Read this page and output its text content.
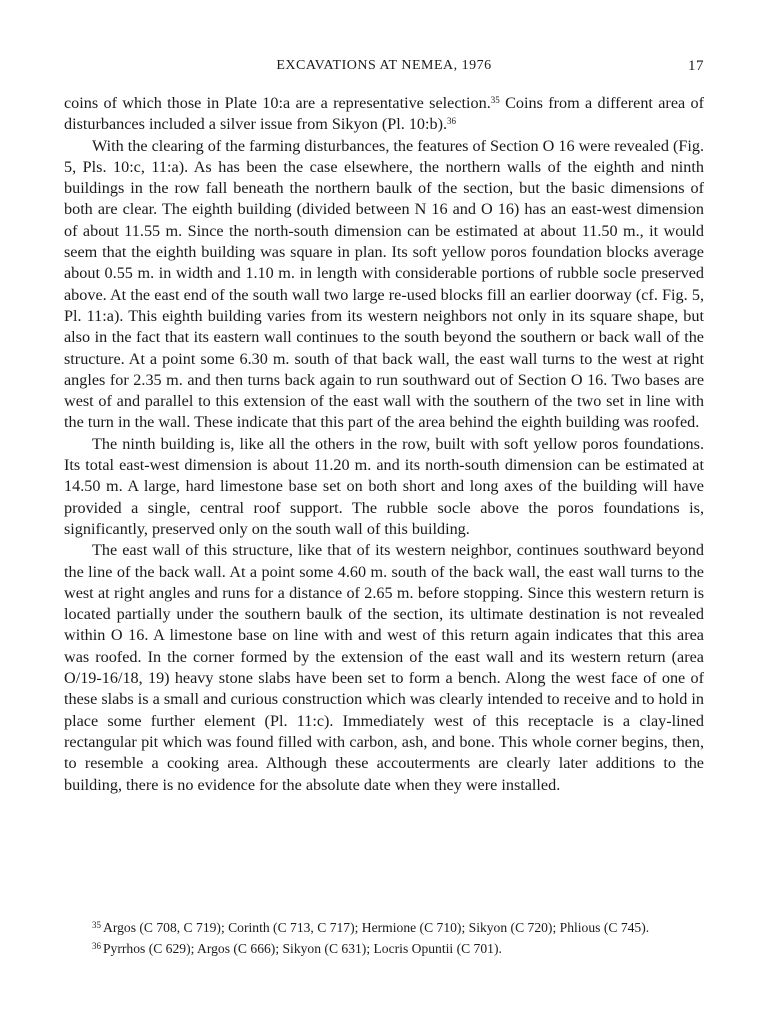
EXCAVATIONS AT NEMEA, 1976	17

coins of which those in Plate 10:a are a representative selection.$^{35}$ Coins from a different area of disturbances included a silver issue from Sikyon (Pl. 10:b).$^{36}$

With the clearing of the farming disturbances, the features of Section O 16 were revealed (Fig. 5, Pls. 10:c, 11:a). As has been the case elsewhere, the northern walls of the eighth and ninth buildings in the row fall beneath the northern baulk of the section, but the basic dimensions of both are clear. The eighth building (divided between N 16 and O 16) has an east-west dimension of about 11.55 m. Since the north-south dimension can be estimated at about 11.50 m., it would seem that the eighth building was square in plan. Its soft yellow poros foundation blocks average about 0.55 m. in width and 1.10 m. in length with considerable portions of rubble socle preserved above. At the east end of the south wall two large re-used blocks fill an earlier doorway (cf. Fig. 5, Pl. 11:a). This eighth building varies from its western neighbors not only in its square shape, but also in the fact that its eastern wall continues to the south beyond the southern or back wall of the structure. At a point some 6.30 m. south of that back wall, the east wall turns to the west at right angles for 2.35 m. and then turns back again to run southward out of Section O 16. Two bases are west of and parallel to this extension of the east wall with the southern of the two set in line with the turn in the wall. These indicate that this part of the area behind the eighth building was roofed.

The ninth building is, like all the others in the row, built with soft yellow poros foundations. Its total east-west dimension is about 11.20 m. and its north-south dimension can be estimated at 14.50 m. A large, hard limestone base set on both short and long axes of the building will have provided a single, central roof support. The rubble socle above the poros foundations is, significantly, preserved only on the south wall of this building.

The east wall of this structure, like that of its western neighbor, continues southward beyond the line of the back wall. At a point some 4.60 m. south of the back wall, the east wall turns to the west at right angles and runs for a distance of 2.65 m. before stopping. Since this western return is located partially under the southern baulk of the section, its ultimate destination is not revealed within O 16. A limestone base on line with and west of this return again indicates that this area was roofed. In the corner formed by the extension of the east wall and its western return (area O/19-16/18, 19) heavy stone slabs have been set to form a bench. Along the west face of one of these slabs is a small and curious construction which was clearly intended to receive and to hold in place some further element (Pl. 11:c). Immediately west of this receptacle is a clay-lined rectangular pit which was found filled with carbon, ash, and bone. This whole corner begins, then, to resemble a cooking area. Although these accouterments are clearly later additions to the building, there is no evidence for the absolute date when they were installed.

$^{35}$ Argos (C 708, C 719); Corinth (C 713, C 717); Hermione (C 710); Sikyon (C 720); Phlious (C 745).

$^{36}$ Pyrrhos (C 629); Argos (C 666); Sikyon (C 631); Locris Opuntii (C 701).
